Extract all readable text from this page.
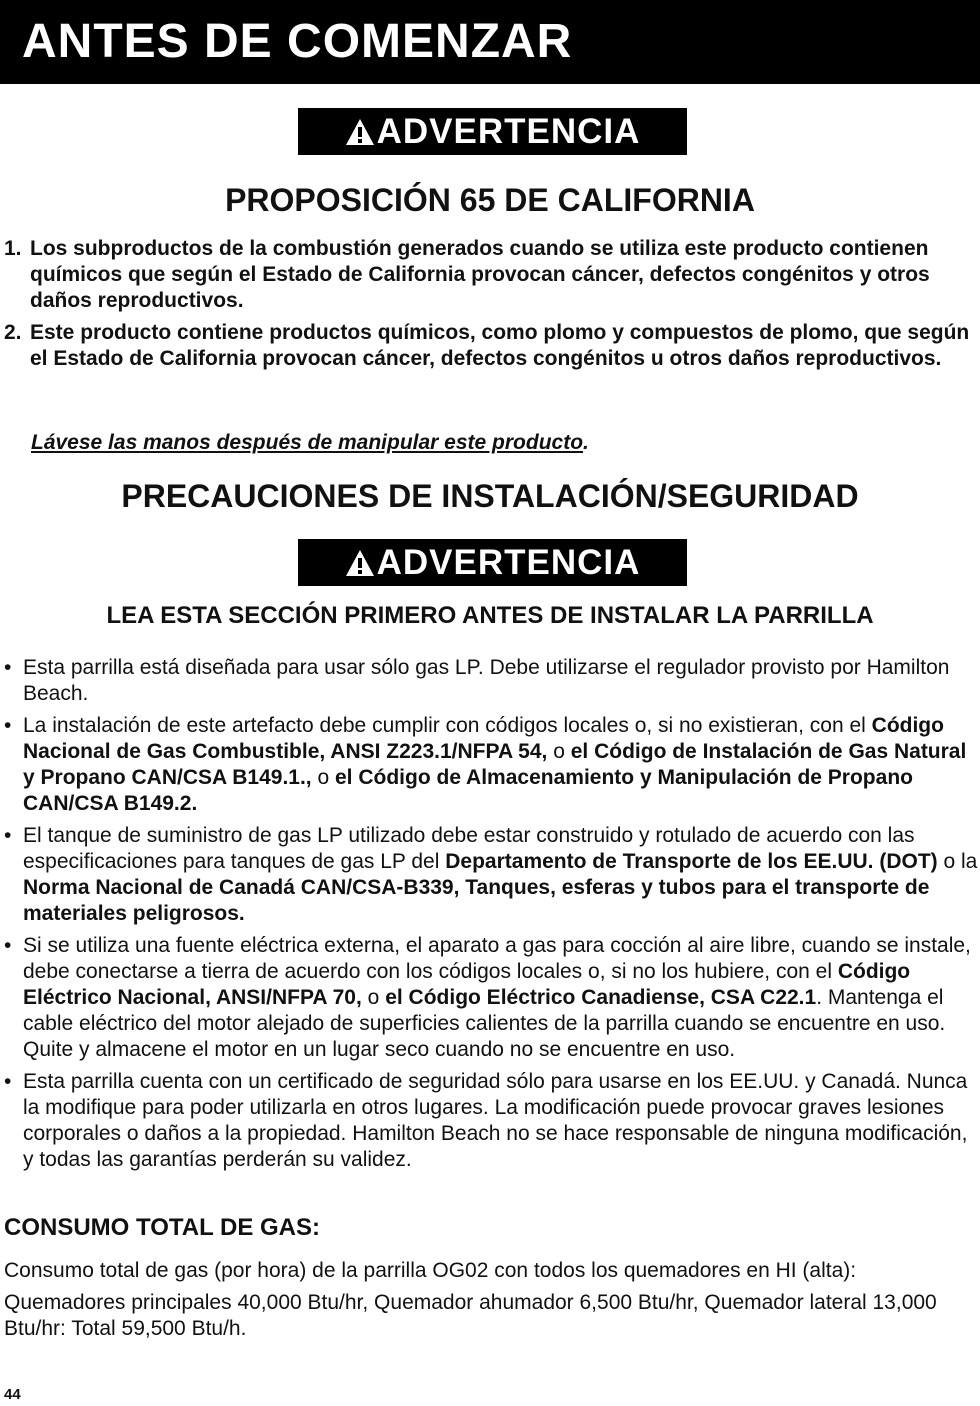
ANTES DE COMENZAR
ADVERTENCIA
PROPOSICIÓN 65 DE CALIFORNIA
1. Los subproductos de la combustión generados cuando se utiliza este producto contienen químicos que según el Estado de California provocan cáncer, defectos congénitos y otros daños reproductivos.
2. Este producto contiene productos químicos, como plomo y compuestos de plomo, que según el Estado de California provocan cáncer, defectos congénitos u otros daños reproductivos.
Lávese las manos después de manipular este producto.
PRECAUCIONES DE INSTALACIÓN/SEGURIDAD
ADVERTENCIA
LEA ESTA SECCIÓN PRIMERO ANTES DE INSTALAR LA PARRILLA
• Esta parrilla está diseñada para usar sólo gas LP. Debe utilizarse el regulador provisto por Hamilton Beach.
• La instalación de este artefacto debe cumplir con códigos locales o, si no existieran, con el Código Nacional de Gas Combustible, ANSI Z223.1/NFPA 54, o el Código de Instalación de Gas Natural y Propano CAN/CSA B149.1., o el Código de Almacenamiento y Manipulación de Propano CAN/CSA B149.2.
• El tanque de suministro de gas LP utilizado debe estar construido y rotulado de acuerdo con las especificaciones para tanques de gas LP del Departamento de Transporte de los EE.UU. (DOT) o la Norma Nacional de Canadá CAN/CSA-B339, Tanques, esferas y tubos para el transporte de materiales peligrosos.
• Si se utiliza una fuente eléctrica externa, el aparato a gas para cocción al aire libre, cuando se instale, debe conectarse a tierra de acuerdo con los códigos locales o, si no los hubiere, con el Código Eléctrico Nacional, ANSI/NFPA 70, o el Código Eléctrico Canadiense, CSA C22.1. Mantenga el cable eléctrico del motor alejado de superficies calientes de la parrilla cuando se encuentre en uso. Quite y almacene el motor en un lugar seco cuando no se encuentre en uso.
• Esta parrilla cuenta con un certificado de seguridad sólo para usarse en los EE.UU. y Canadá. Nunca la modifique para poder utilizarla en otros lugares. La modificación puede provocar graves lesiones corporales o daños a la propiedad. Hamilton Beach no se hace responsable de ninguna modificación, y todas las garantías perderán su validez.
CONSUMO TOTAL DE GAS:

Consumo total de gas (por hora) de la parrilla OG02 con todos los quemadores en HI (alta):

Quemadores principales 40,000 Btu/hr, Quemador ahumador 6,500 Btu/hr, Quemador lateral 13,000 Btu/hr: Total 59,500 Btu/h.

44
